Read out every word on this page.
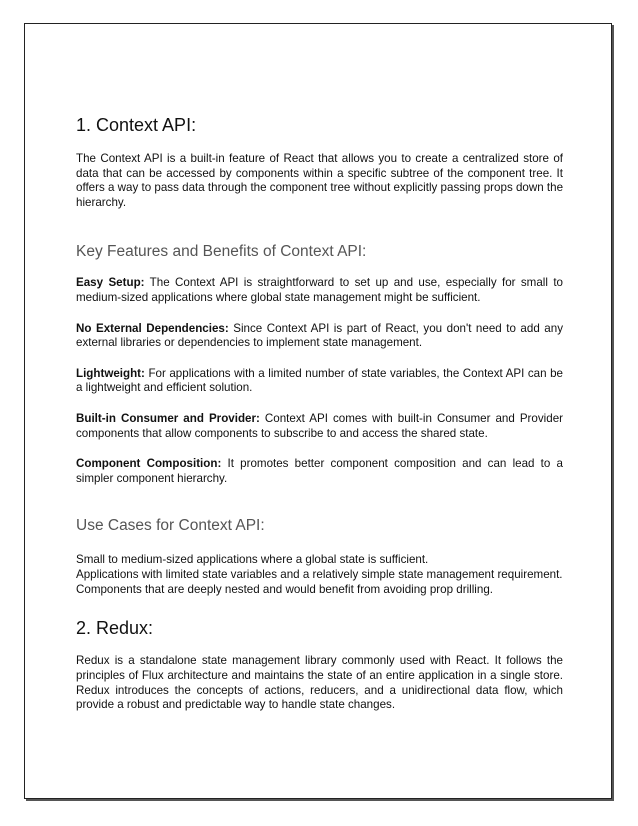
1. Context API:

The Context API is a built-in feature of React that allows you to create a centralized store of data that can be accessed by components within a specific subtree of the component tree. It offers a way to pass data through the component tree without explicitly passing props down the hierarchy.

Key Features and Benefits of Context API:

Easy Setup: The Context API is straightforward to set up and use, especially for small to medium-sized applications where global state management might be sufficient.

No External Dependencies: Since Context API is part of React, you don't need to add any external libraries or dependencies to implement state management.

Lightweight: For applications with a limited number of state variables, the Context API can be a lightweight and efficient solution.

Built-in Consumer and Provider: Context API comes with built-in Consumer and Provider components that allow components to subscribe to and access the shared state.

Component Composition: It promotes better component composition and can lead to a simpler component hierarchy.

Use Cases for Context API:

Small to medium-sized applications where a global state is sufficient.

Applications with limited state variables and a relatively simple state management requirement.

Components that are deeply nested and would benefit from avoiding prop drilling.

2. Redux:

Redux is a standalone state management library commonly used with React. It follows the principles of Flux architecture and maintains the state of an entire application in a single store. Redux introduces the concepts of actions, reducers, and a unidirectional data flow, which provide a robust and predictable way to handle state changes.
